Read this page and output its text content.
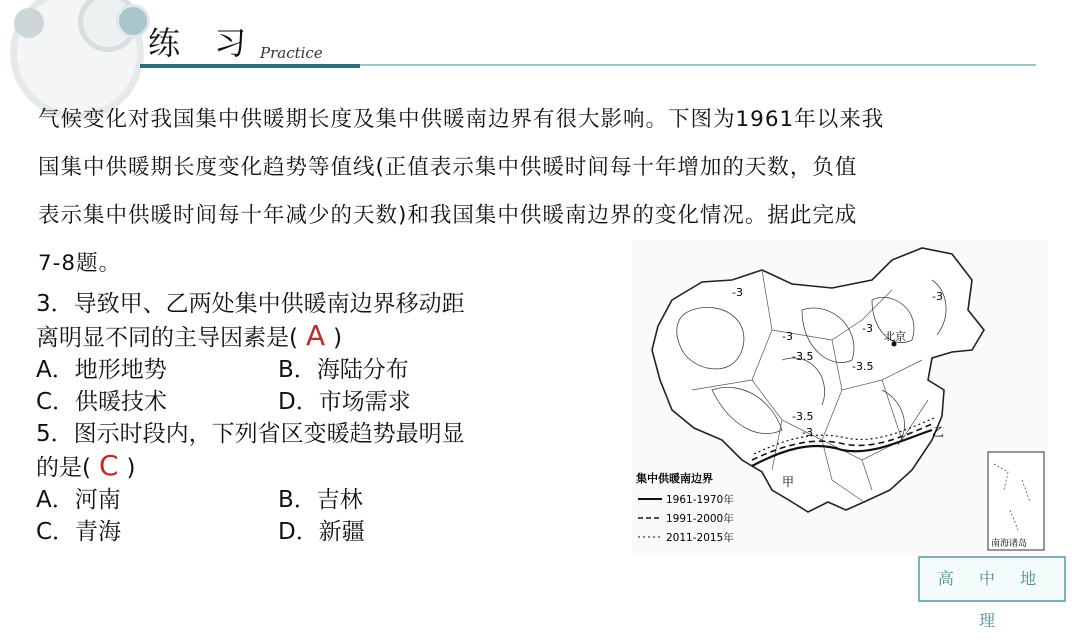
练 习 Practice

气候变化对我国集中供暖期长度及集中供暖南边界有很大影响。下图为1961年以来我

国集中供暖期长度变化趋势等值线(正值表示集中供暖时间每十年增加的天数，负值

表示集中供暖时间每十年减少的天数)和我国集中供暖南边界的变化情况。据此完成

7-8题。

3．导致甲、乙两处集中供暖南边界移动距
离明显不同的主导因素是( A )
A．地形地势	B．海陆分布
C．供暖技术	D．市场需求
5．图示时段内，下列省区变暖趋势最明显
的是( C )
A．河南	B．吉林
C．青海	D．新疆
-3
-3.5
-3
-3
-3.5
-3
-3.5
-3
北京
甲
乙
集中供暖南边界
1961-1970年
1991-2000年
2011-2015年	南海诸岛
高 中 地 理
